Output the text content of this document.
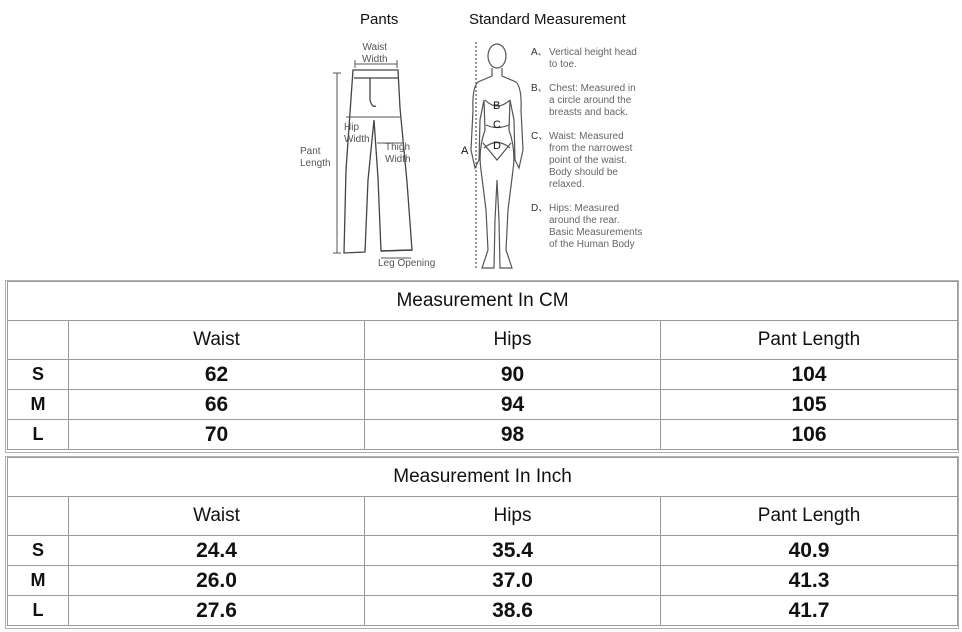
Pants	Standard Measurement
Waist
Width
Hip
Width
Pant
Length
Thigh
Width
Leg Opening
A
B
C
D
A、 Vertical height head
to toe.
B、 Chest: Measured in
a circle around the
breasts and back.
C、 Waist: Measured
from the narrowest
point of the waist.
Body should be
relaxed.
D、 Hips: Measured
around the rear.
Basic Measurements
of the Human Body
Measurement In CM			
	Waist	Hips	Pant Length
S	62	90	104
M	66	94	105
L	70	98	106
Measurement In Inch			
	Waist	Hips	Pant Length
S	24.4	35.4	40.9
M	26.0	37.0	41.3
L	27.6	38.6	41.7
